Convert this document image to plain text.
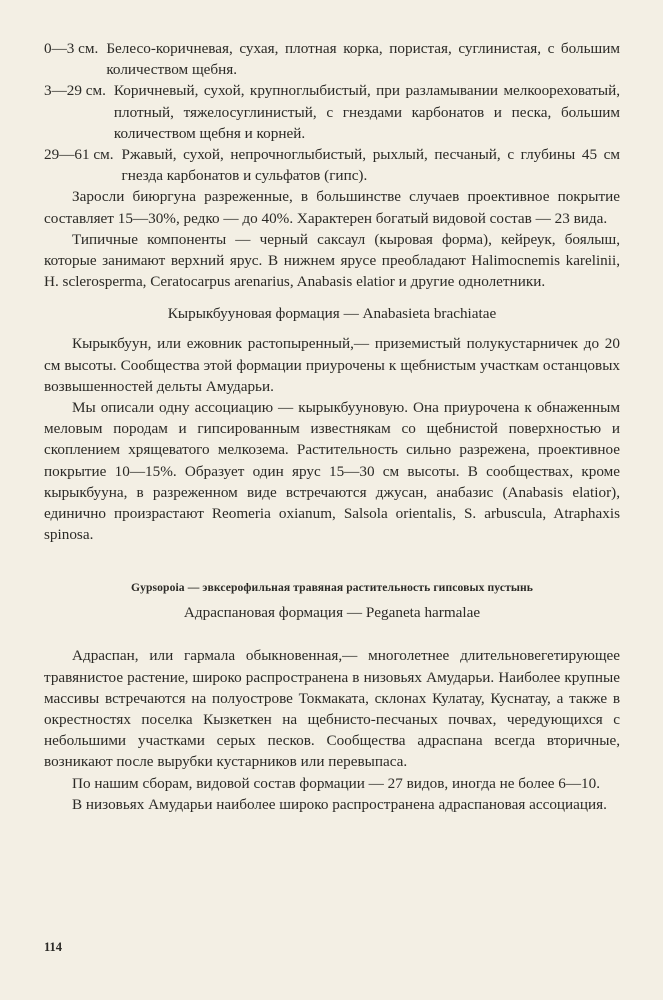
0—3 см. Белесо-коричневая, сухая, плотная корка, пористая, суглинистая, с большим количеством щебня.
3—29 см. Коричневый, сухой, крупноглыбистый, при разламывании мелкоореховатый, плотный, тяжелосуглинистый, с гнездами карбонатов и песка, большим количеством щебня и корней.
29—61 см. Ржавый, сухой, непрочноглыбистый, рыхлый, песчаный, с глубины 45 см гнезда карбонатов и сульфатов (гипс).

Заросли биюргуна разреженные, в большинстве случаев проективное покрытие составляет 15—30%, редко — до 40%. Характерен богатый видовой состав — 23 вида.

Типичные компоненты — черный саксаул (кыровая форма), кейреук, боялыш, которые занимают верхний ярус. В нижнем ярусе преобладают Halimocnemis karelinii, H. sclerosperma, Ceratocarpus arenarius, Anabasis elatior и другие однолетники.

Кырыкбууновая формация — Anabasieta brachiatae

Кырыкбуун, или ежовник растопыренный,— приземистый полукустарничек до 20 см высоты. Сообщества этой формации приурочены к щебнистым участкам останцовых возвышенностей дельты Амударьи.

Мы описали одну ассоциацию — кырыкбууновую. Она приурочена к обнаженным меловым породам и гипсированным известнякам со щебнистой поверхностью и скоплением хрящеватого мелкозема. Растительность сильно разрежена, проективное покрытие 10—15%. Образует один ярус 15—30 см высоты. В сообществах, кроме кырыкбууна, в разреженном виде встречаются джусан, анабазис (Anabasis elatior), единично произрастают Reomeria oxianum, Salsola orientalis, S. arbuscula, Atraphaxis spinosa.

Gypsopoia — эвксерофильная травяная растительность гипсовых пустынь
Адраспановая формация — Peganeta harmalae

Адраспан, или гармала обыкновенная,— многолетнее длительновегетирующее травянистое растение, широко распространена в низовьях Амударьи. Наиболее крупные массивы встречаются на полуострове Токмаката, склонах Кулатау, Куснатау, а также в окрестностях поселка Кызкеткен на щебнисто-песчаных почвах, чередующихся с небольшими участками серых песков. Сообщества адраспана всегда вторичные, возникают после вырубки кустарников или перевыпаса.

По нашим сборам, видовой состав формации — 27 видов, иногда не более 6—10.

В низовьях Амударьи наиболее широко распространена адраспановая ассоциация.

114
